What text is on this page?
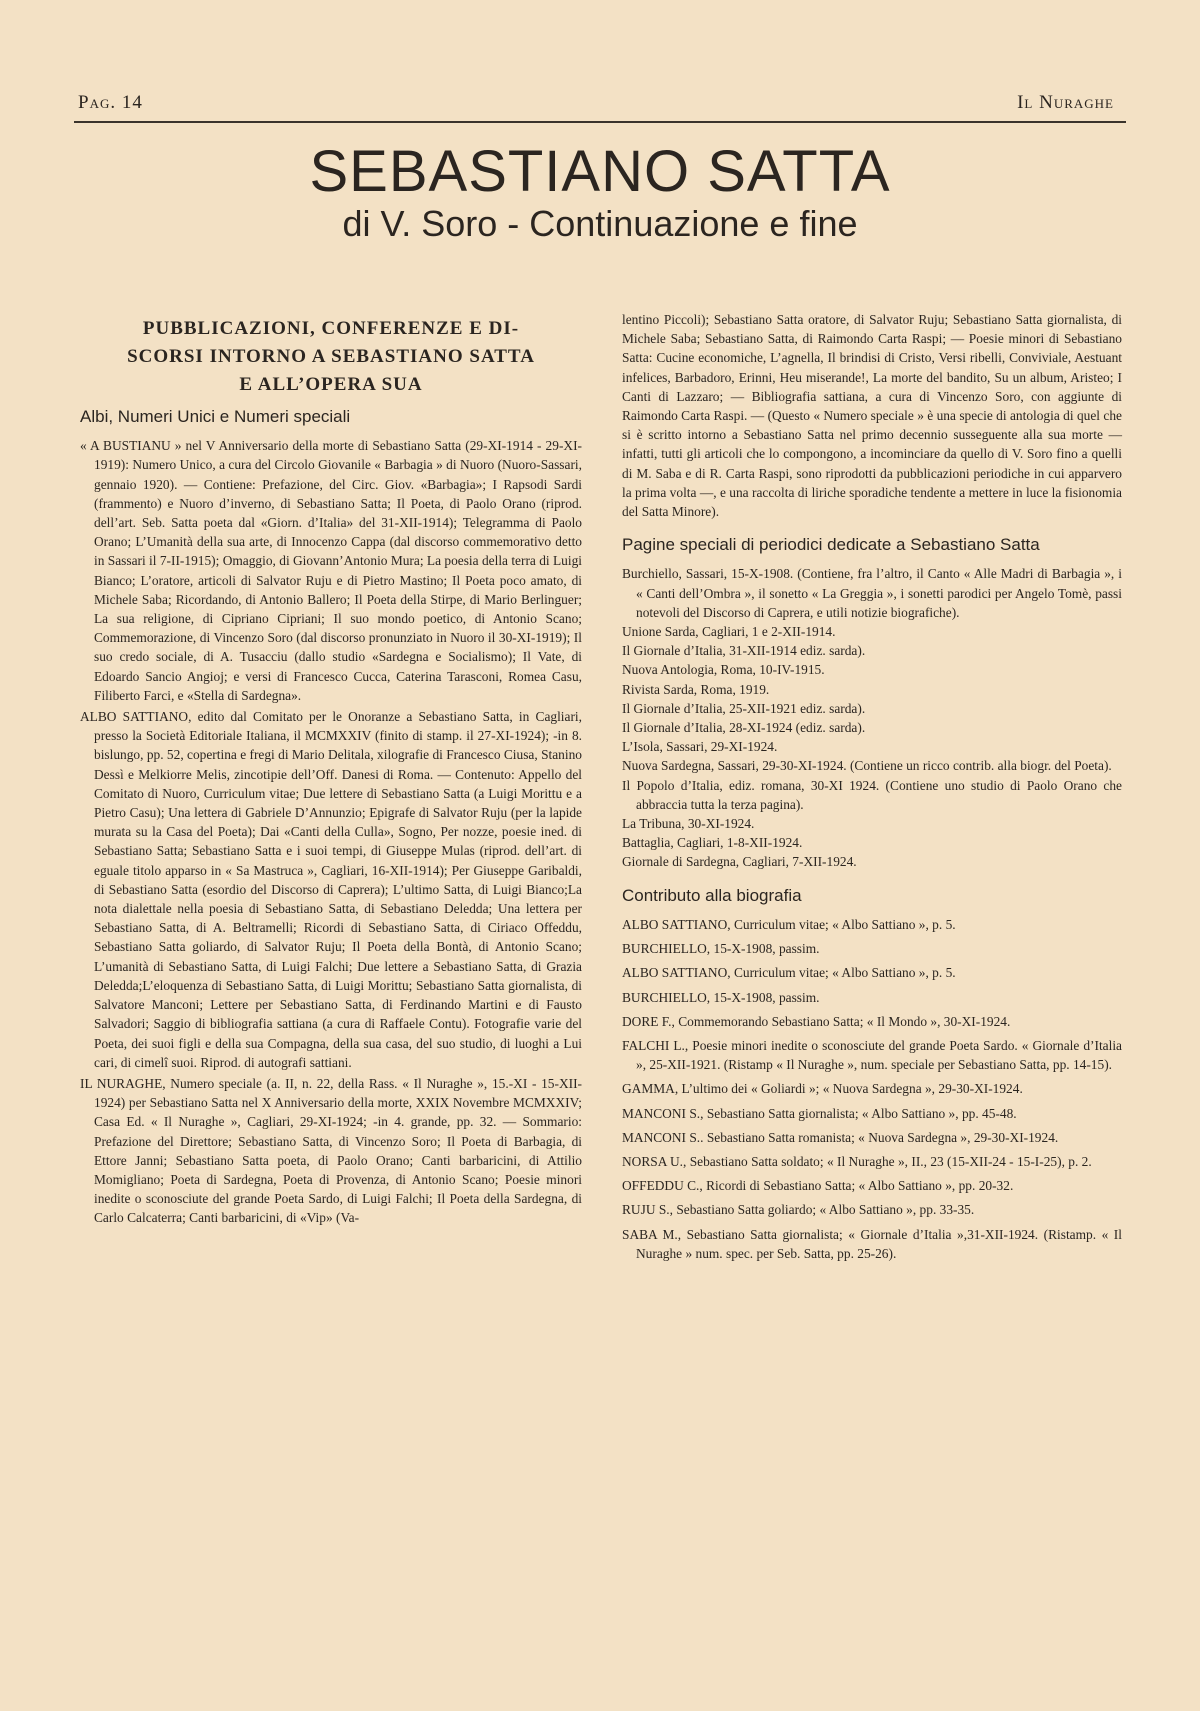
Pag. 14	Il Nuraghe
SEBASTIANO SATTA
di V. Soro - Continuazione e fine
PUBBLICAZIONI, CONFERENZE E DI-
SCORSI INTORNO A SEBASTIANO SATTA
E ALL’OPERA SUA
Albi, Numeri Unici e Numeri speciali

« A BUSTIANU » nel V Anniversario della morte di Sebastiano Satta (29-XI-1914 - 29-XI-1919): Numero Unico, a cura del Circolo Giovanile « Barbagia » di Nuoro (Nuoro-Sassari, gennaio 1920). — Contiene: Prefazione, del Circ. Giov. «Barbagia»; I Rapsodi Sardi (frammento) e Nuoro d’inverno, di Sebastiano Satta; Il Poeta, di Paolo Orano (riprod. dell’art. Seb. Satta poeta dal «Giorn. d’Italia» del 31-XII-1914); Telegramma di Paolo Orano; L’Umanità della sua arte, di Innocenzo Cappa (dal discorso commemorativo detto in Sassari il 7-II-1915); Omaggio, di Giovann’Antonio Mura; La poesia della terra di Luigi Bianco; L’oratore, articoli di Salvator Ruju e di Pietro Mastino; Il Poeta poco amato, di Michele Saba; Ricordando, di Antonio Ballero; Il Poeta della Stirpe, di Mario Berlinguer; La sua religione, di Cipriano Cipriani; Il suo mondo poetico, di Antonio Scano; Commemorazione, di Vincenzo Soro (dal discorso pronunziato in Nuoro il 30-XI-1919); Il suo credo sociale, di A. Tusacciu (dallo studio «Sardegna e Socialismo); Il Vate, di Edoardo Sancio Angioj; e versi di Francesco Cucca, Caterina Tarasconi, Romea Casu, Filiberto Farci, e «Stella di Sardegna».

ALBO SATTIANO, edito dal Comitato per le Onoranze a Sebastiano Satta, in Cagliari, presso la Società Editoriale Italiana, il MCMXXIV (finito di stamp. il 27-XI-1924); -in 8. bislungo, pp. 52, copertina e fregi di Mario Delitala, xilografie di Francesco Ciusa, Stanino Dessì e Melkiorre Melis, zincotipie dell’Off. Danesi di Roma. — Contenuto: Appello del Comitato di Nuoro, Curriculum vitae; Due lettere di Sebastiano Satta (a Luigi Morittu e a Pietro Casu); Una lettera di Gabriele D’Annunzio; Epigrafe di Salvator Ruju (per la lapide murata su la Casa del Poeta); Dai «Canti della Culla», Sogno, Per nozze, poesie ined. di Sebastiano Satta; Sebastiano Satta e i suoi tempi, di Giuseppe Mulas (riprod. dell’art. di eguale titolo apparso in « Sa Mastruca », Cagliari, 16-XII-1914); Per Giuseppe Garibaldi, di Sebastiano Satta (esordio del Discorso di Caprera); L’ultimo Satta, di Luigi Bianco;La nota dialettale nella poesia di Sebastiano Satta, di Sebastiano Deledda; Una lettera per Sebastiano Satta, di A. Beltramelli; Ricordi di Sebastiano Satta, di Ciriaco Offeddu, Sebastiano Satta goliardo, di Salvator Ruju; Il Poeta della Bontà, di Antonio Scano; L’umanità di Sebastiano Satta, di Luigi Falchi; Due lettere a Sebastiano Satta, di Grazia Deledda;L’eloquenza di Sebastiano Satta, di Luigi Morittu; Sebastiano Satta giornalista, di Salvatore Manconi; Lettere per Sebastiano Satta, di Ferdinando Martini e di Fausto Salvadori; Saggio di bibliografia sattiana (a cura di Raffaele Contu). Fotografie varie del Poeta, dei suoi figli e della sua Compagna, della sua casa, del suo studio, di luoghi a Lui cari, di cimelî suoi. Riprod. di autografi sattiani.

IL NURAGHE, Numero speciale (a. II, n. 22, della Rass. « Il Nuraghe », 15.-XI - 15-XII-1924) per Sebastiano Satta nel X Anniversario della morte, XXIX Novembre MCMXXIV; Casa Ed. « Il Nuraghe », Cagliari, 29-XI-1924; -in 4. grande, pp. 32. — Sommario: Prefazione del Direttore; Sebastiano Satta, di Vincenzo Soro; Il Poeta di Barbagia, di Ettore Janni; Sebastiano Satta poeta, di Paolo Orano; Canti barbaricini, di Attilio Momigliano; Poeta di Sardegna, Poeta di Provenza, di Antonio Scano; Poesie minori inedite o sconosciute del grande Poeta Sardo, di Luigi Falchi; Il Poeta della Sardegna, di Carlo Calcaterra; Canti barbaricini, di «Vip» (Va-

lentino Piccoli); Sebastiano Satta oratore, di Salvator Ruju; Sebastiano Satta giornalista, di Michele Saba; Sebastiano Satta, di Raimondo Carta Raspi; — Poesie minori di Sebastiano Satta: Cucine economiche, L’agnella, Il brindisi di Cristo, Versi ribelli, Conviviale, Aestuant infelices, Barbadoro, Erinni, Heu miserande!, La morte del bandito, Su un album, Aristeo; I Canti di Lazzaro; — Bibliografia sattiana, a cura di Vincenzo Soro, con aggiunte di Raimondo Carta Raspi. — (Questo « Numero speciale » è una specie di antologia di quel che si è scritto intorno a Sebastiano Satta nel primo decennio susseguente alla sua morte — infatti, tutti gli articoli che lo compongono, a incominciare da quello di V. Soro fino a quelli di M. Saba e di R. Carta Raspi, sono riprodotti da pubblicazioni periodiche in cui apparvero la prima volta —, e una raccolta di liriche sporadiche tendente a mettere in luce la fisionomia del Satta Minore).

Pagine speciali di periodici dedicate a Sebastiano Satta

Burchiello, Sassari, 15-X-1908. (Contiene, fra l’altro, il Canto « Alle Madri di Barbagia », i « Canti dell’Ombra », il sonetto « La Greggia », i sonetti parodici per Angelo Tomè, passi notevoli del Discorso di Caprera, e utili notizie biografiche).

Unione Sarda, Cagliari, 1 e 2-XII-1914.

Il Giornale d’Italia, 31-XII-1914 ediz. sarda).

Nuova Antologia, Roma, 10-IV-1915.

Rivista Sarda, Roma, 1919.

Il Giornale d’Italia, 25-XII-1921 ediz. sarda).

Il Giornale d’Italia, 28-XI-1924 (ediz. sarda).

L’Isola, Sassari, 29-XI-1924.

Nuova Sardegna, Sassari, 29-30-XI-1924. (Contiene un ricco contrib. alla biogr. del Poeta).

Il Popolo d’Italia, ediz. romana, 30-XI 1924. (Contiene uno studio di Paolo Orano che abbraccia tutta la terza pagina).

La Tribuna, 30-XI-1924.

Battaglia, Cagliari, 1-8-XII-1924.

Giornale di Sardegna, Cagliari, 7-XII-1924.

Contributo alla biografia

ALBO SATTIANO, Curriculum vitae; « Albo Sattiano », p. 5.

BURCHIELLO, 15-X-1908, passim.

ALBO SATTIANO, Curriculum vitae; « Albo Sattiano », p. 5.

BURCHIELLO, 15-X-1908, passim.

DORE F., Commemorando Sebastiano Satta; « Il Mondo », 30-XI-1924.

FALCHI L., Poesie minori inedite o sconosciute del grande Poeta Sardo. « Giornale d’Italia », 25-XII-1921. (Ristamp « Il Nuraghe », num. speciale per Sebastiano Satta, pp. 14-15).

GAMMA, L’ultimo dei « Goliardi »; « Nuova Sardegna », 29-30-XI-1924.

MANCONI S., Sebastiano Satta giornalista; « Albo Sattiano », pp. 45-48.

MANCONI S.. Sebastiano Satta romanista; « Nuova Sardegna », 29-30-XI-1924.

NORSA U., Sebastiano Satta soldato; « Il Nuraghe », II., 23 (15-XII-24 - 15-I-25), p. 2.

OFFEDDU C., Ricordi di Sebastiano Satta; « Albo Sattiano », pp. 20-32.

RUJU S., Sebastiano Satta goliardo; « Albo Sattiano », pp. 33-35.

SABA M., Sebastiano Satta giornalista; « Giornale d’Italia »,31-XII-1924. (Ristamp. « Il Nuraghe » num. spec. per Seb. Satta, pp. 25-26).
